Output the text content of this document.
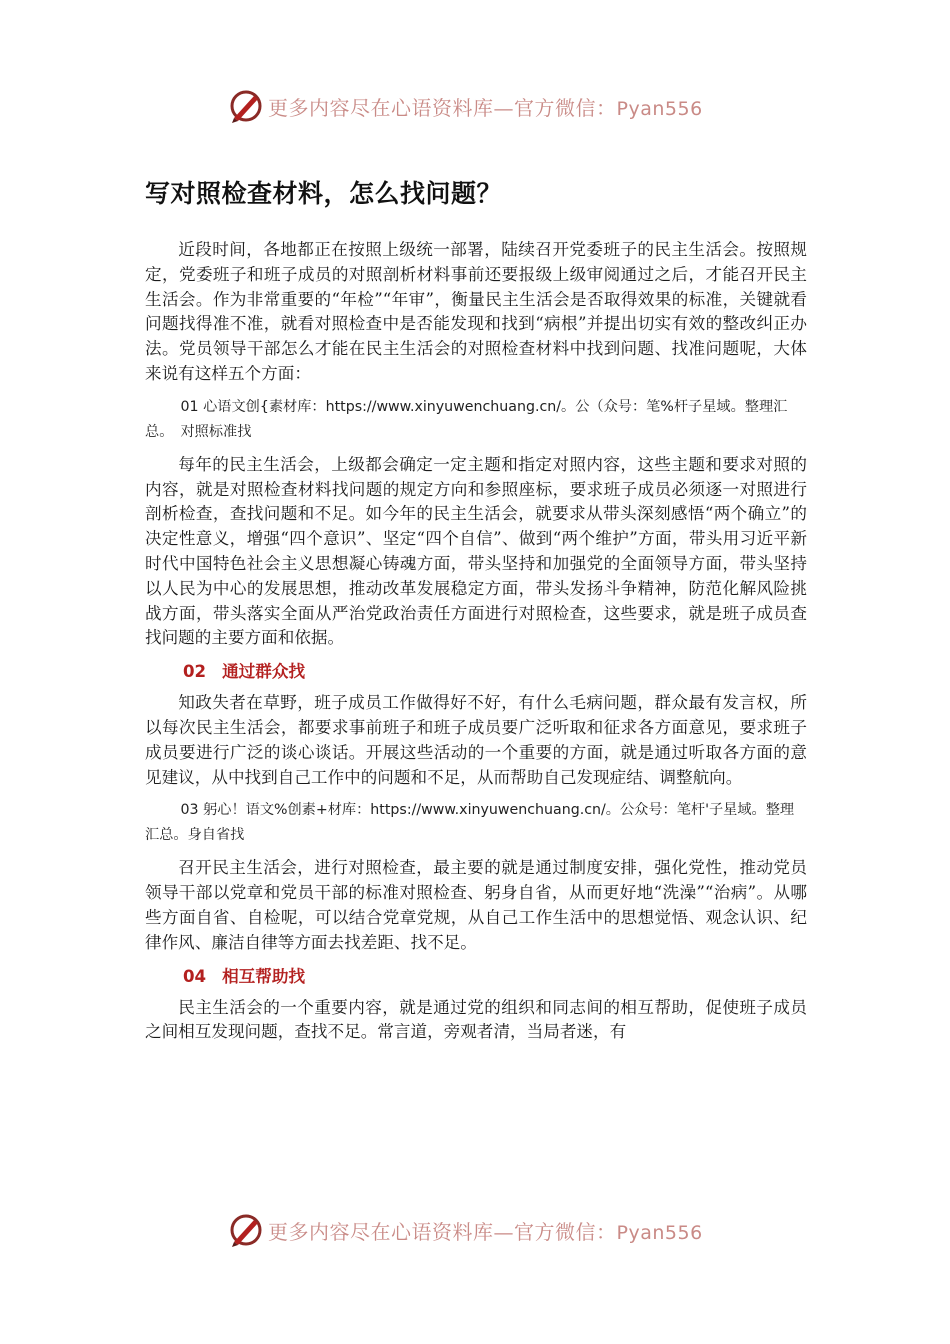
更多内容尽在心语资料库—官方微信：Pyan556
写对照检查材料，怎么找问题？

近段时间，各地都正在按照上级统一部署，陆续召开党委班子的民主生活会。按照规定，党委班子和班子成员的对照剖析材料事前还要报级上级审阅通过之后，才能召开民主生活会。作为非常重要的“年检”“年审”，衡量民主生活会是否取得效果的标准，关键就看问题找得准不准，就看对照检查中是否能发现和找到“病根”并提出切实有效的整改纠正办法。党员领导干部怎么才能在民主生活会的对照检查材料中找到问题、找准问题呢，大体来说有这样五个方面：

01 心语文创{素材库：https://www.xinyuwenchuang.cn/。公（众号：笔%杆子星域。整理汇总。　对照标准找

每年的民主生活会，上级都会确定一定主题和指定对照内容，这些主题和要求对照的内容，就是对照检查材料找问题的规定方向和参照座标，要求班子成员必须逐一对照进行剖析检查，查找问题和不足。如今年的民主生活会，就要求从带头深刻感悟“两个确立”的决定性意义，增强“四个意识”、坚定“四个自信”、做到“两个维护”方面，带头用习近平新时代中国特色社会主义思想凝心铸魂方面，带头坚持和加强党的全面领导方面，带头坚持以人民为中心的发展思想，推动改革发展稳定方面，带头发扬斗争精神，防范化解风险挑战方面，带头落实全面从严治党政治责任方面进行对照检查，这些要求，就是班子成员查找问题的主要方面和依据。

02 通过群众找

知政失者在草野，班子成员工作做得好不好，有什么毛病问题，群众最有发言权，所以每次民主生活会，都要求事前班子和班子成员要广泛听取和征求各方面意见，要求班子成员要进行广泛的谈心谈话。开展这些活动的一个重要的方面，就是通过听取各方面的意见建议，从中找到自己工作中的问题和不足，从而帮助自己发现症结、调整航向。

03 躬心！语文%创素+材库：https://www.xinyuwenchuang.cn/。公众号：笔杆'子星域。整理汇总。身自省找

召开民主生活会，进行对照检查，最主要的就是通过制度安排，强化党性，推动党员领导干部以党章和党员干部的标准对照检查、躬身自省，从而更好地“洗澡”“治病”。从哪些方面自省、自检呢，可以结合党章党规，从自己工作生活中的思想觉悟、观念认识、纪律作风、廉洁自律等方面去找差距、找不足。

04 相互帮助找

民主生活会的一个重要内容，就是通过党的组织和同志间的相互帮助，促使班子成员之间相互发现问题，查找不足。常言道，旁观者清，当局者迷，有

更多内容尽在心语资料库—官方微信：Pyan556
